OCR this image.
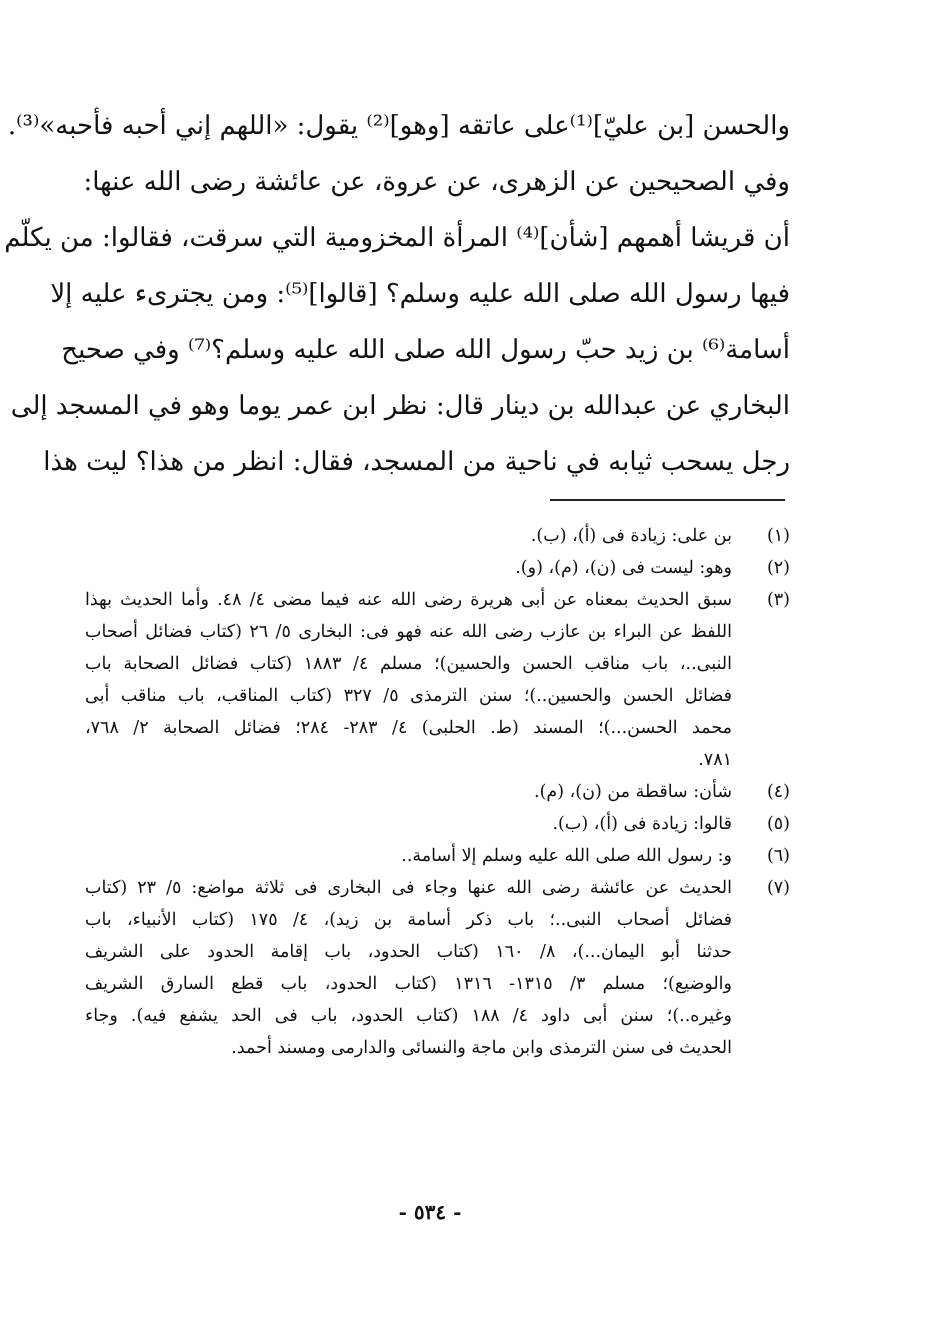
والحسن [بن عليّ]⁽¹⁾على عاتقه [وهو]⁽²⁾ يقول: «اللهم إني أحبه فأحبه»⁽³⁾.
وفي الصحيحين عن الزهرى، عن عروة، عن عائشة رضى الله عنها:
أن قريشا أهمهم [شأن]⁽⁴⁾ المرأة المخزومية التي سرقت، فقالوا: من يكلّم
فيها رسول الله صلى الله عليه وسلم؟ [قالوا]⁽⁵⁾: ومن يجترىء عليه إلا
أسامة⁽⁶⁾ بن زيد حبّ رسول الله صلى الله عليه وسلم؟⁽⁷⁾ وفي صحيح
البخاري عن عبدالله بن دينار قال: نظر ابن عمر يوما وهو في المسجد إلى
رجل يسحب ثيابه في ناحية من المسجد، فقال: انظر من هذا؟ ليت هذا
(١)
بن على: زيادة فى (أ)، (ب).
(٢)
وهو: ليست فى (ن)، (م)، (و).
(٣)
سبق الحديث بمعناه عن أبى هريرة رضى الله عنه فيما مضى ٤/ ٤٨. وأما الحديث بهذا
اللفظ عن البراء بن عازب رضى الله عنه فهو فى: البخارى ٥/ ٢٦ (كتاب فضائل أصحاب
النبى..، باب مناقب الحسن والحسين)؛ مسلم ٤/ ١٨٨٣ (كتاب فضائل الصحابة باب
فضائل الحسن والحسين..)؛ سنن الترمذى ٥/ ٣٢٧ (كتاب المناقب، باب مناقب أبى
محمد الحسن...)؛ المسند (ط. الحلبى) ٤/ ٢٨٣- ٢٨٤؛ فضائل الصحابة ٢/ ٧٦٨،
٧٨١.
(٤)
شأن: ساقطة من (ن)، (م).
(٥)
قالوا: زيادة فى (أ)، (ب).
(٦)
و: رسول الله صلى الله عليه وسلم إلا أسامة..
(٧)
الحديث عن عائشة رضى الله عنها وجاء فى البخارى فى ثلاثة مواضع: ٥/ ٢٣ (كتاب
فضائل أصحاب النبى..؛ باب ذكر أسامة بن زيد)، ٤/ ١٧٥ (كتاب الأنبياء، باب
حدثنا أبو اليمان...)، ٨/ ١٦٠ (كتاب الحدود، باب إقامة الحدود على الشريف
والوضيع)؛ مسلم ٣/ ١٣١٥- ١٣١٦ (كتاب الحدود، باب قطع السارق الشريف
وغيره..)؛ سنن أبى داود ٤/ ١٨٨ (كتاب الحدود، باب فى الحد يشفع فيه). وجاء
الحديث فى سنن الترمذى وابن ماجة والنسائى والدارمى ومسند أحمد.
- ٥٣٤ -
